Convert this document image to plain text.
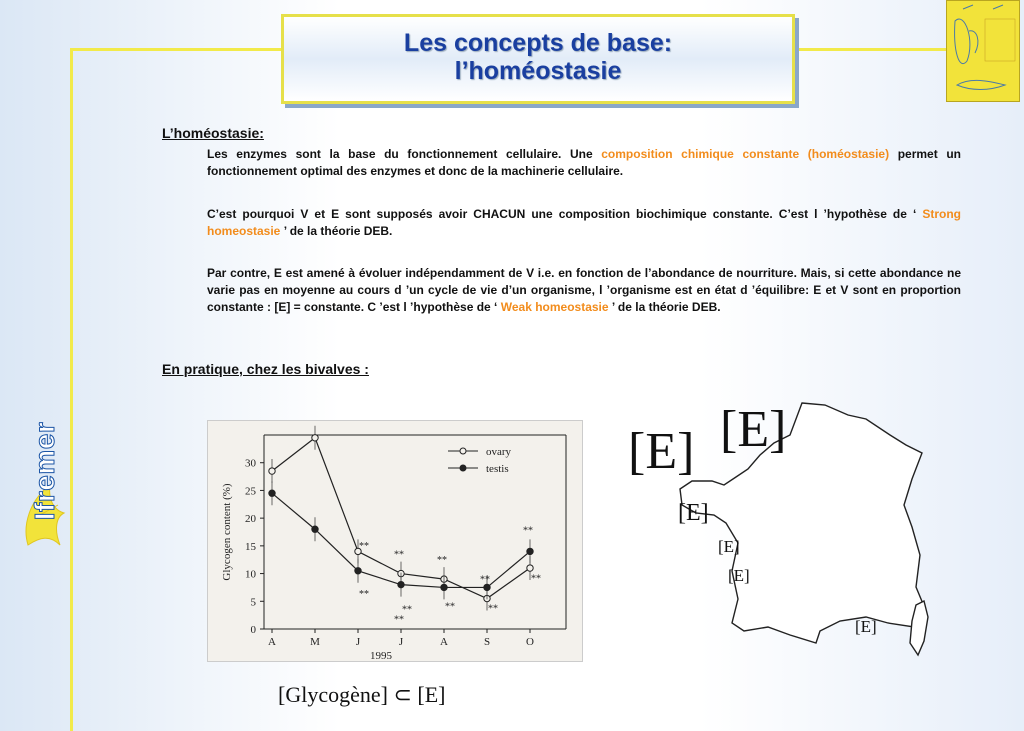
Ifremer
Les concepts de base:
l’homéostasie
L’homéostasie:
Les enzymes sont la base du fonctionnement cellulaire. Une composition chimique constante (homéostasie) permet un fonctionnement optimal des enzymes et donc de la machinerie cellulaire.
C’est pourquoi V et E sont supposés avoir CHACUN une composition biochimique constante. C’est l ’hypothèse de ‘ Strong homeostasie ’ de la théorie DEB.
Par contre, E est amené à évoluer indépendamment de V i.e. en fonction de l’abondance de nourriture. Mais, si cette abondance ne varie pas en moyenne au cours d ’un cycle de vie d’un organisme, l ’organisme est en état d ’équilibre: E et V sont en proportion constante : [E] = constante. C ’est l ’hypothèse de ‘ Weak homeostasie ’ de la théorie DEB.
En pratique, chez les bivalves :
0
5
10
15
20
25
30
A	M	J	J	A	S	O
1995
Glycogen content (%)
ovary
testis
**
**
**
**
**
**
**
**
**
**
**
[Glycogène] ⊂ [E]
[E]
[E]
[E]
[E]
[E]
[E]
